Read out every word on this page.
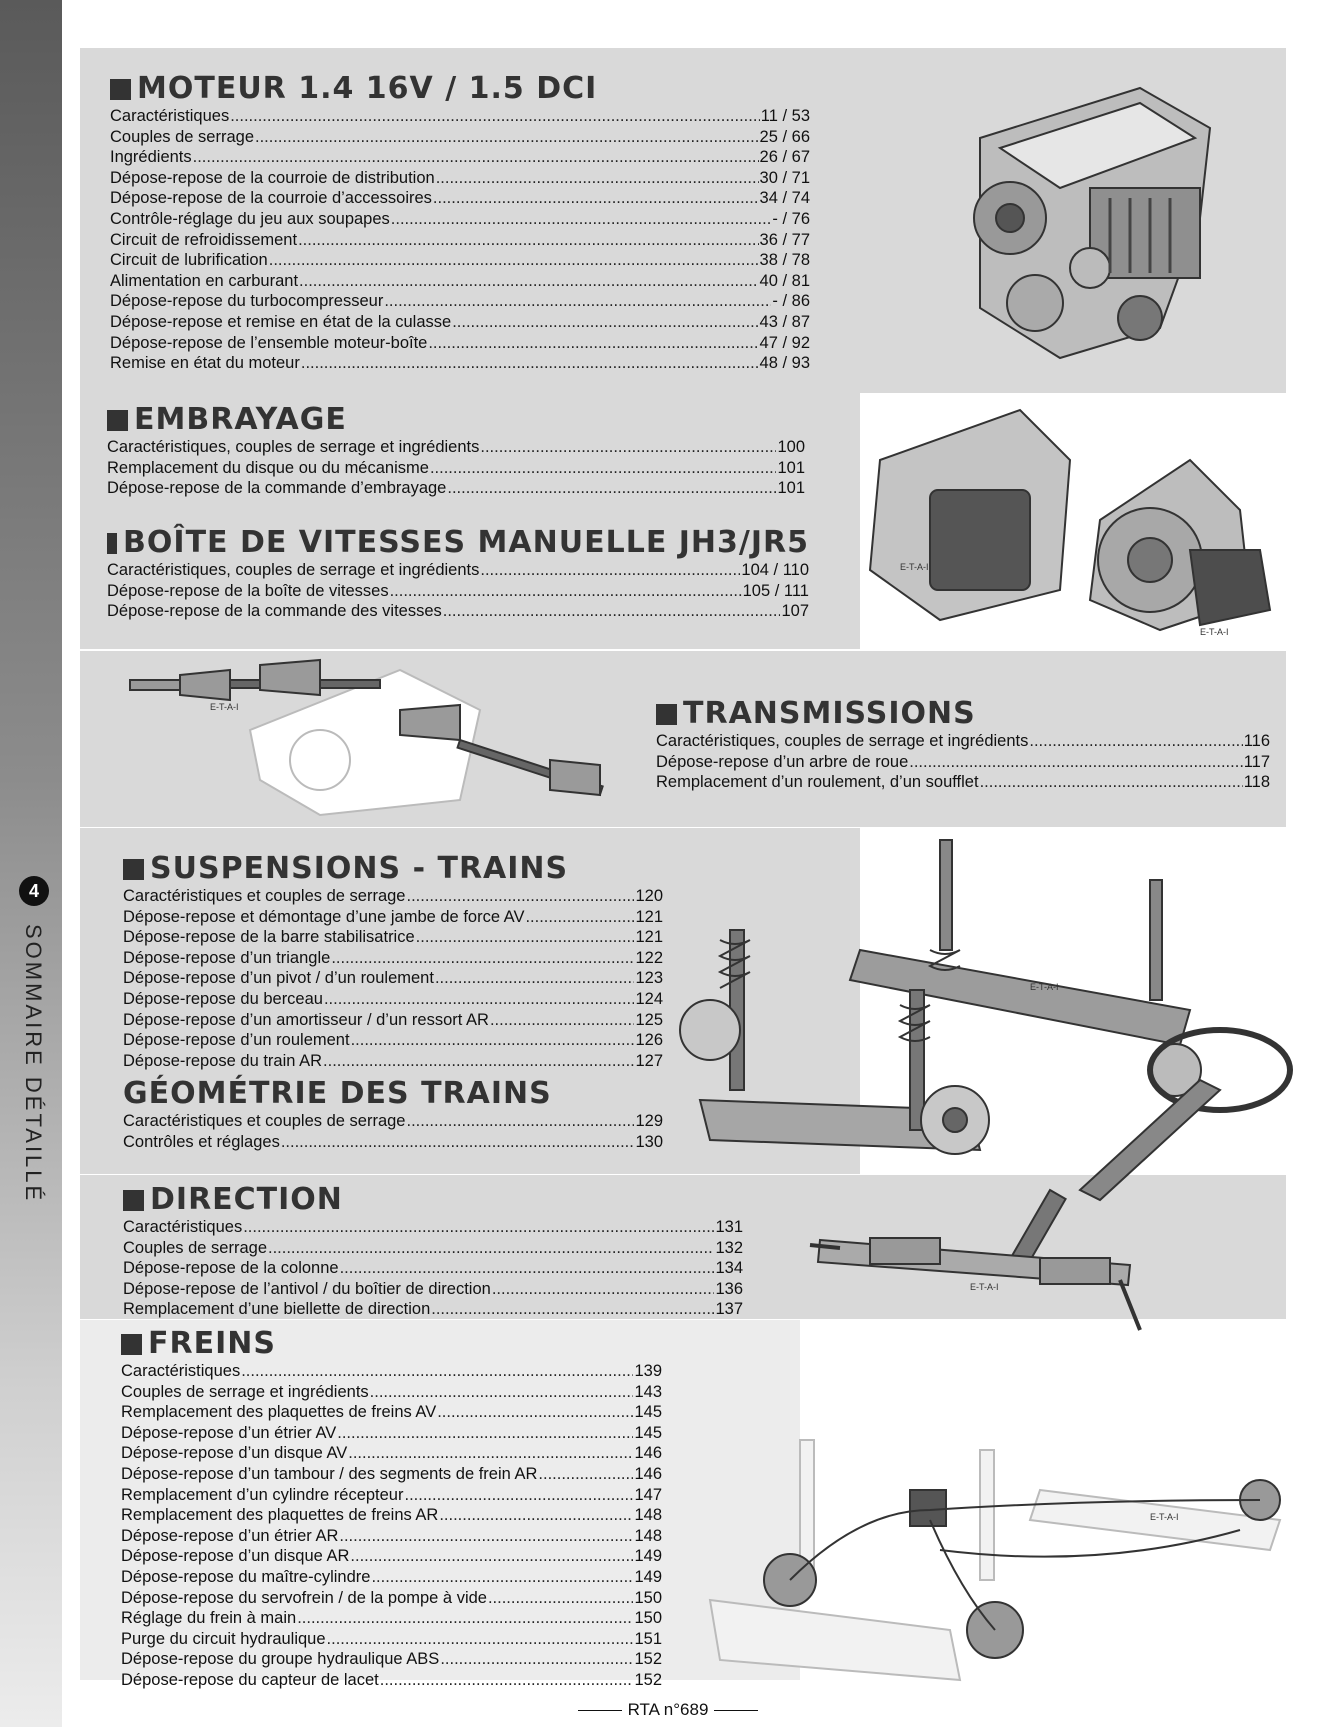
4
SOMMAIRE DÉTAILLÉ
MOTEUR 1.4 16V / 1.5 DCI
Caractéristiques .....	11 / 53
Couples de serrage .....	25 / 66
Ingrédients .....	26 / 67
Dépose-repose de la courroie de distribution .....	30 / 71
Dépose-repose de la courroie d’accessoires .....	34 / 74
Contrôle-réglage du jeu aux soupapes .....	- / 76
Circuit de refroidissement .....	36 / 77
Circuit de lubrification .....	38 / 78
Alimentation en carburant .....	40 / 81
Dépose-repose du turbocompresseur .....	- / 86
Dépose-repose et remise en état de la culasse .....	43 / 87
Dépose-repose de l’ensemble moteur-boîte .....	47 / 92
Remise en état du moteur .....	48 / 93
EMBRAYAGE
Caractéristiques, couples de serrage et ingrédients .....	100
Remplacement du disque ou du mécanisme .....	101
Dépose-repose de la commande d’embrayage .....	101
BOÎTE DE VITESSES MANUELLE JH3/JR5
Caractéristiques, couples de serrage et ingrédients .....	104 / 110
Dépose-repose de la boîte de vitesses .....	105 / 111
Dépose-repose de la commande des vitesses .....	107
E-T-A-I
E-T-A-I
E-T-A-I	TRANSMISSIONS
Caractéristiques, couples de serrage et ingrédients .....	116
Dépose-repose d’un arbre de roue .....	117
Remplacement d’un roulement, d’un soufflet .....	118
SUSPENSIONS - TRAINS
Caractéristiques et couples de serrage .....	120
Dépose-repose et démontage d’une jambe de force AV .....	121
Dépose-repose de la barre stabilisatrice .....	121
Dépose-repose d’un triangle .....	122
Dépose-repose d’un pivot / d’un roulement .....	123
Dépose-repose du berceau .....	124
Dépose-repose d’un amortisseur / d’un ressort AR .....	125
Dépose-repose d’un roulement .....	126
Dépose-repose du train AR .....	127
GÉOMÉTRIE DES TRAINS
Caractéristiques et couples de serrage .....	129
Contrôles et réglages .....	130
E-T-A-I
DIRECTION
Caractéristiques .....	131
Couples de serrage .....	132
Dépose-repose de la colonne .....	134
Dépose-repose de l’antivol / du boîtier de direction .....	136
Remplacement d’une biellette de direction .....	137
E-T-A-I
FREINS
Caractéristiques .....	139
Couples de serrage et ingrédients .....	143
Remplacement des plaquettes de freins AV .....	145
Dépose-repose d’un étrier AV .....	145
Dépose-repose d’un disque AV .....	146
Dépose-repose d’un tambour / des segments de frein AR .....	146
Remplacement d’un cylindre récepteur .....	147
Remplacement des plaquettes de freins AR .....	148
Dépose-repose d’un étrier AR .....	148
Dépose-repose d’un disque AR .....	149
Dépose-repose du maître-cylindre .....	149
Dépose-repose du servofrein / de la pompe à vide .....	150
Réglage du frein à main .....	150
Purge du circuit hydraulique .....	151
Dépose-repose du groupe hydraulique ABS .....	152
Dépose-repose du capteur de lacet .....	152
E-T-A-I
RTA n°689
